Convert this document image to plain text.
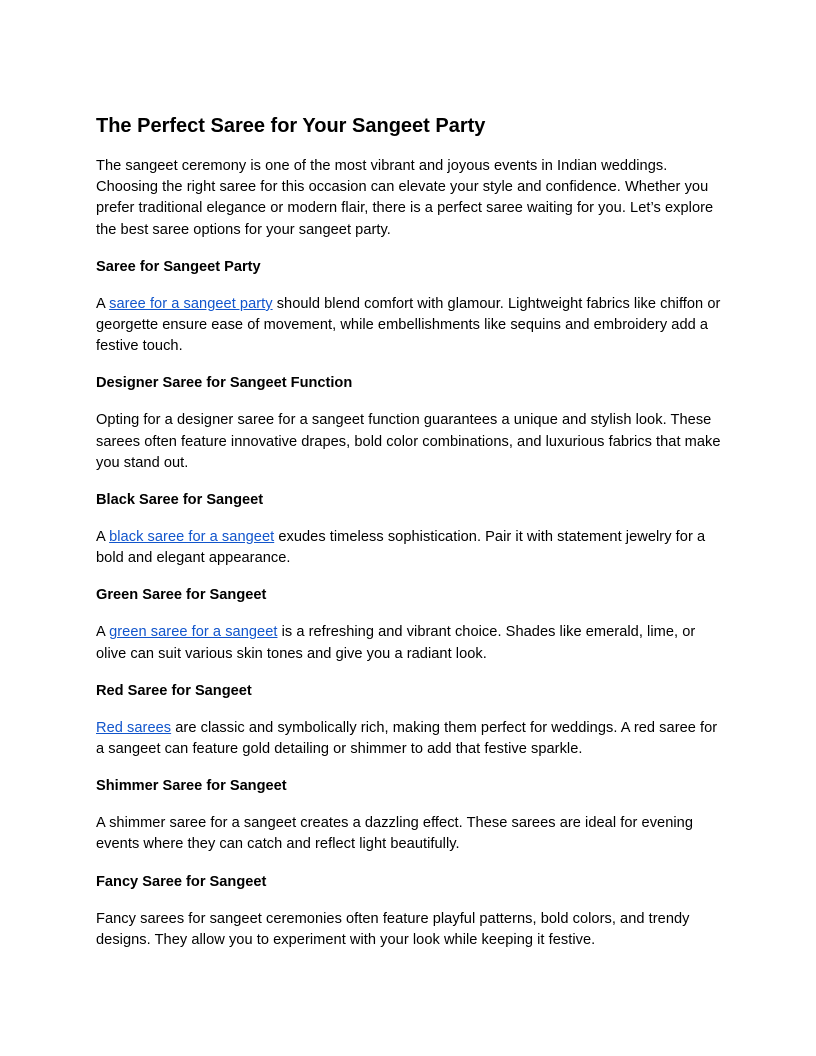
The Perfect Saree for Your Sangeet Party

The sangeet ceremony is one of the most vibrant and joyous events in Indian weddings. Choosing the right saree for this occasion can elevate your style and confidence. Whether you prefer traditional elegance or modern flair, there is a perfect saree waiting for you. Let’s explore the best saree options for your sangeet party.

Saree for Sangeet Party

A saree for a sangeet party should blend comfort with glamour. Lightweight fabrics like chiffon or georgette ensure ease of movement, while embellishments like sequins and embroidery add a festive touch.

Designer Saree for Sangeet Function

Opting for a designer saree for a sangeet function guarantees a unique and stylish look. These sarees often feature innovative drapes, bold color combinations, and luxurious fabrics that make you stand out.

Black Saree for Sangeet

A black saree for a sangeet exudes timeless sophistication. Pair it with statement jewelry for a bold and elegant appearance.

Green Saree for Sangeet

A green saree for a sangeet is a refreshing and vibrant choice. Shades like emerald, lime, or olive can suit various skin tones and give you a radiant look.

Red Saree for Sangeet

Red sarees are classic and symbolically rich, making them perfect for weddings. A red saree for a sangeet can feature gold detailing or shimmer to add that festive sparkle.

Shimmer Saree for Sangeet

A shimmer saree for a sangeet creates a dazzling effect. These sarees are ideal for evening events where they can catch and reflect light beautifully.

Fancy Saree for Sangeet

Fancy sarees for sangeet ceremonies often feature playful patterns, bold colors, and trendy designs. They allow you to experiment with your look while keeping it festive.
